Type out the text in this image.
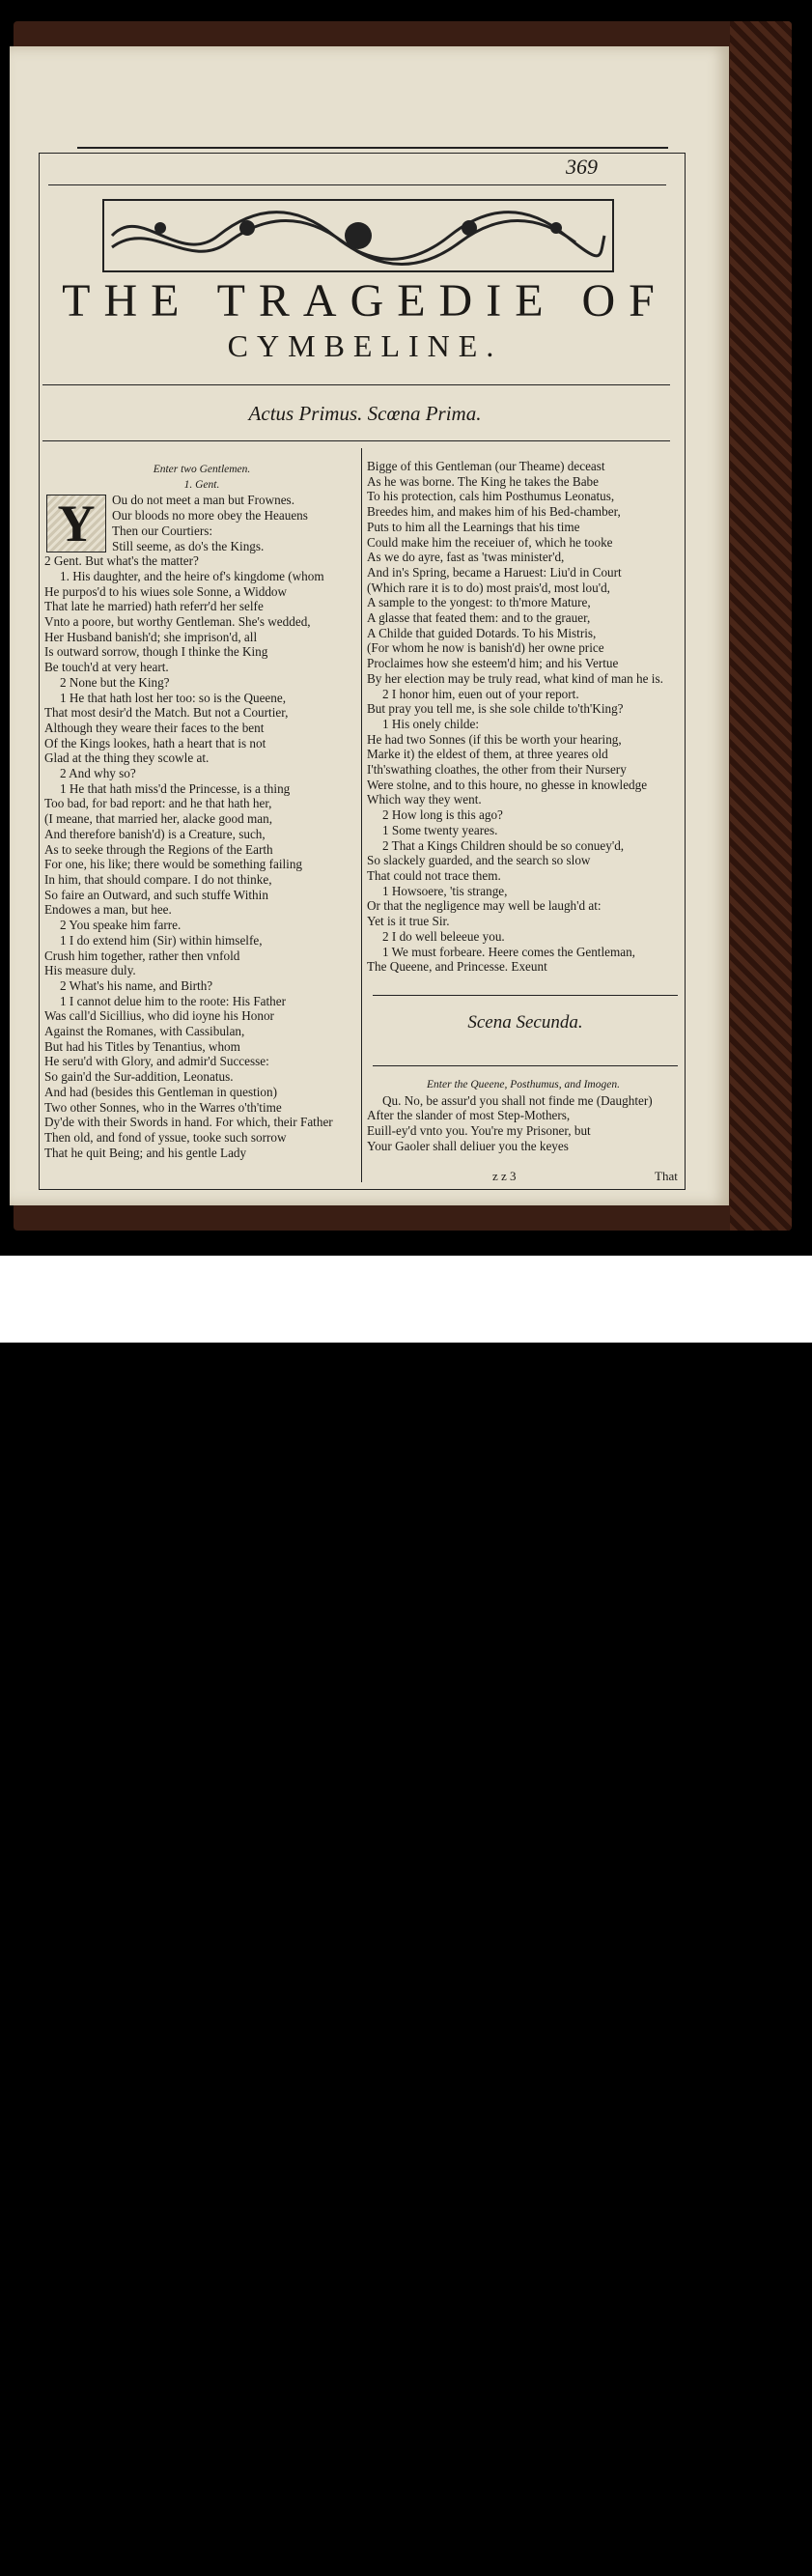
369
THE TRAGEDIE OF
CYMBELINE.
Actus Primus. Scœna Prima.
Enter two Gentlemen.
1. Gent.
Y	Ou do not meet a man but Frownes.
Our bloods no more obey the Heauens
Then our Courtiers:
Still seeme, as do's the Kings.
2 Gent. But what's the matter?
1. His daughter, and the heire of's kingdome (whom
He purpos'd to his wiues sole Sonne, a Widdow
That late he married) hath referr'd her selfe
Vnto a poore, but worthy Gentleman. She's wedded,
Her Husband banish'd; she imprison'd, all
Is outward sorrow, though I thinke the King
Be touch'd at very heart.
2 None but the King?
1 He that hath lost her too: so is the Queene,
That most desir'd the Match. But not a Courtier,
Although they weare their faces to the bent
Of the Kings lookes, hath a heart that is not
Glad at the thing they scowle at.
2 And why so?
1 He that hath miss'd the Princesse, is a thing
Too bad, for bad report: and he that hath her,
(I meane, that married her, alacke good man,
And therefore banish'd) is a Creature, such,
As to seeke through the Regions of the Earth
For one, his like; there would be something failing
In him, that should compare. I do not thinke,
So faire an Outward, and such stuffe Within
Endowes a man, but hee.
2 You speake him farre.
1 I do extend him (Sir) within himselfe,
Crush him together, rather then vnfold
His measure duly.
2 What's his name, and Birth?
1 I cannot delue him to the roote: His Father
Was call'd Sicillius, who did ioyne his Honor
Against the Romanes, with Cassibulan,
But had his Titles by Tenantius, whom
He seru'd with Glory, and admir'd Successe:
So gain'd the Sur-addition, Leonatus.
And had (besides this Gentleman in question)
Two other Sonnes, who in the Warres o'th'time
Dy'de with their Swords in hand. For which, their Father
Then old, and fond of yssue, tooke such sorrow
That he quit Being; and his gentle Lady
Bigge of this Gentleman (our Theame) deceast
As he was borne. The King he takes the Babe
To his protection, cals him Posthumus Leonatus,
Breedes him, and makes him of his Bed-chamber,
Puts to him all the Learnings that his time
Could make him the receiuer of, which he tooke
As we do ayre, fast as 'twas minister'd,
And in's Spring, became a Haruest: Liu'd in Court
(Which rare it is to do) most prais'd, most lou'd,
A sample to the yongest: to th'more Mature,
A glasse that feated them: and to the grauer,
A Childe that guided Dotards. To his Mistris,
(For whom he now is banish'd) her owne price
Proclaimes how she esteem'd him; and his Vertue
By her election may be truly read, what kind of man he is.
2 I honor him, euen out of your report.
But pray you tell me, is she sole childe to'th'King?
1 His onely childe:
He had two Sonnes (if this be worth your hearing,
Marke it) the eldest of them, at three yeares old
I'th'swathing cloathes, the other from their Nursery
Were stolne, and to this houre, no ghesse in knowledge
Which way they went.
2 How long is this ago?
1 Some twenty yeares.
2 That a Kings Children should be so conuey'd,
So slackely guarded, and the search so slow
That could not trace them.
1 Howsoere, 'tis strange,
Or that the negligence may well be laugh'd at:
Yet is it true Sir.
2 I do well beleeue you.
1 We must forbeare. Heere comes the Gentleman,
The Queene, and Princesse. Exeunt
Scena Secunda.
Enter the Queene, Posthumus, and Imogen.
Qu. No, be assur'd you shall not finde me (Daughter)
After the slander of most Step-Mothers,
Euill-ey'd vnto you. You're my Prisoner, but
Your Gaoler shall deliuer you the keyes
z z 3	That
alamy	F6AGA9
www.alamy.com
